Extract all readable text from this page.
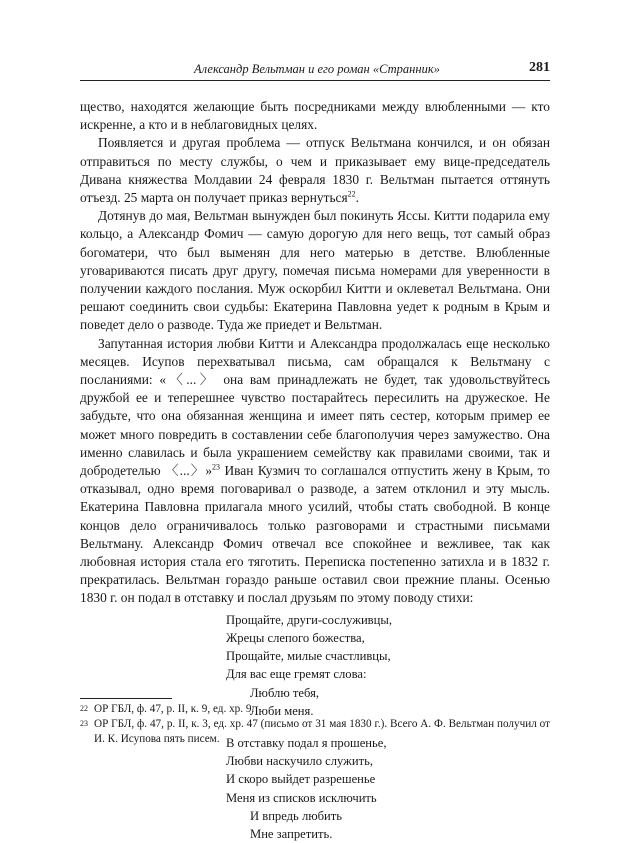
Александр Вельтман и его роман «Странник»	281

щество, находятся желающие быть посредниками между влюбленными — кто искренне, а кто и в неблаговидных целях.

Появляется и другая проблема — отпуск Вельтмана кончился, и он обязан отправиться по месту службы, о чем и приказывает ему вице-председатель Дивана княжества Молдавии 24 февраля 1830 г. Вельтман пытается оттянуть отъезд. 25 марта он получает приказ вернуться$^{22}$.

Дотянув до мая, Вельтман вынужден был покинуть Яссы. Китти подарила ему кольцо, а Александр Фомич — самую дорогую для него вещь, тот самый образ богоматери, что был выменян для него матерью в детстве. Влюбленные уговариваются писать друг другу, помечая письма номерами для уверенности в получении каждого послания. Муж оскорбил Китти и оклеветал Вельтмана. Они решают соединить свои судьбы: Екатерина Павловна уедет к родным в Крым и поведет дело о разводе. Туда же приедет и Вельтман.

Запутанная история любви Китти и Александра продолжалась еще несколько месяцев. Исупов перехватывал письма, сам обращался к Вельтману с посланиями: «〈...〉 она вам принадлежать не будет, так удовольствуйтесь дружбой ее и теперешнее чувство постарайтесь пересилить на дружеское. Не забудьте, что она обязанная женщина и имеет пять сестер, которым пример ее может много повредить в составлении себе благополучия через замужество. Она именно славилась и была украшением семейству как правилами своими, так и добродетелью 〈...〉»$^{23}$ Иван Кузмич то соглашался отпустить жену в Крым, то отказывал, одно время поговаривал о разводе, а затем отклонил и эту мысль. Екатерина Павловна прилагала много усилий, чтобы стать свободной. В конце концов дело ограничивалось только разговорами и страстными письмами Вельтману. Александр Фомич отвечал все спокойнее и вежливее, так как любовная история стала его тяготить. Переписка постепенно затихла и в 1832 г. прекратилась. Вельтман гораздо раньше оставил свои прежние планы. Осенью 1830 г. он подал в отставку и послал друзьям по этому поводу стихи:

Прощайте, други-сослуживцы,
Жрецы слепого божества,
Прощайте, милые счастливцы,
Для вас еще гремят слова:
Люблю тебя,
Люби меня.
В отставку подал я прошенье,
Любви наскучило служить,
И скоро выйдет разрешенье
Меня из списков исключить
И впредь любить
Мне запретить.
22 ОР ГБЛ, ф. 47, р. II, к. 9, ед. хр. 9.
23 ОР ГБЛ, ф. 47, р. II, к. 3, ед. хр. 47 (письмо от 31 мая 1830 г.). Всего А. Ф. Вельтман получил от И. К. Исупова пять писем.
